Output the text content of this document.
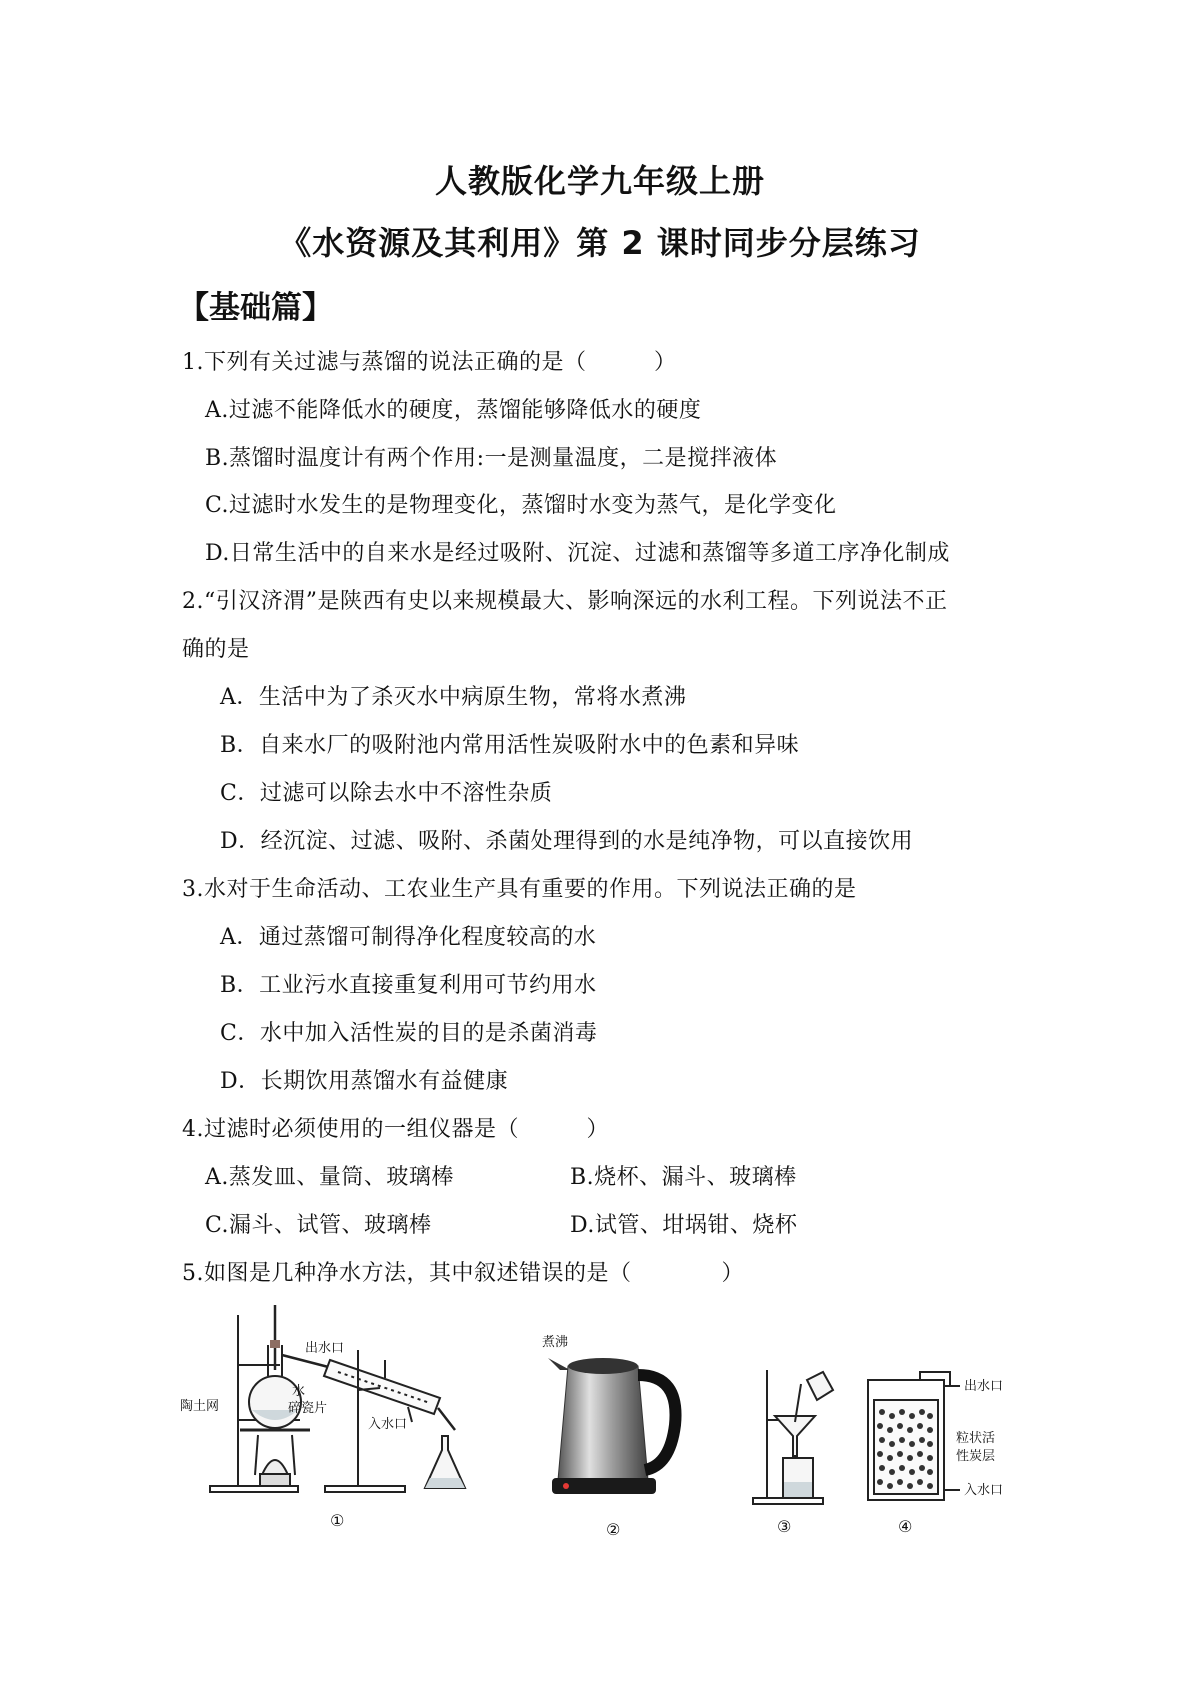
人教版化学九年级上册
《水资源及其利用》第 2 课时同步分层练习
【基础篇】
1.下列有关过滤与蒸馏的说法正确的是（　　　）
A.过滤不能降低水的硬度，蒸馏能够降低水的硬度
B.蒸馏时温度计有两个作用:一是测量温度，二是搅拌液体
C.过滤时水发生的是物理变化，蒸馏时水变为蒸气，是化学变化
D.日常生活中的自来水是经过吸附、沉淀、过滤和蒸馏等多道工序净化制成
2.“引汉济渭”是陕西有史以来规模最大、影响深远的水利工程。下列说法不正
确的是
A．生活中为了杀灭水中病原生物，常将水煮沸
B．自来水厂的吸附池内常用活性炭吸附水中的色素和异味
C．过滤可以除去水中不溶性杂质
D．经沉淀、过滤、吸附、杀菌处理得到的水是纯净物，可以直接饮用
3.水对于生命活动、工农业生产具有重要的作用。下列说法正确的是
A．通过蒸馏可制得净化程度较高的水
B．工业污水直接重复利用可节约用水
C．水中加入活性炭的目的是杀菌消毒
D．长期饮用蒸馏水有益健康
4.过滤时必须使用的一组仪器是（　　　）
A.蒸发皿、量筒、玻璃棒	B.烧杯、漏斗、玻璃棒
C.漏斗、试管、玻璃棒	D.试管、坩埚钳、烧杯
5.如图是几种净水方法，其中叙述错误的是（　　　　）
出水口
水
碎瓷片
陶土网
入水口
①
煮沸
②	③
出水口
粒状活
性炭层
入水口
④
